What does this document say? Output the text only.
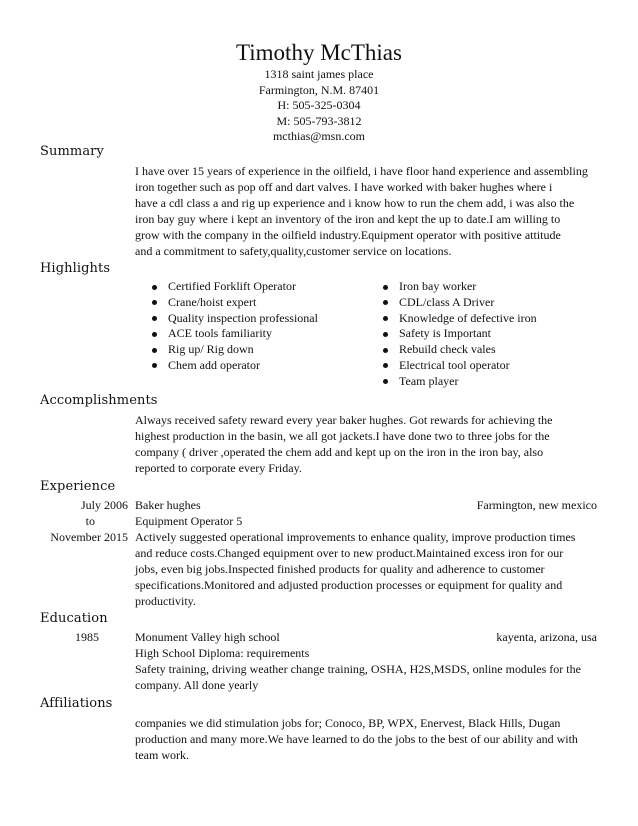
Timothy McThias
1318 saint james place
Farmington, N.M. 87401
H: 505-325-0304
M: 505-793-3812
mcthias@msn.com
Summary
I have over 15 years of experience in the oilfield, i have floor hand experience and assembling
iron together such as pop off and dart valves. I have worked with baker hughes where i
have a cdl class a and rig up experience and i know how to run the chem add, i was also the
iron bay guy where i kept an inventory of the iron and kept the up to date.I am willing to
grow with the company in the oilfield industry.Equipment operator with positive attitude
and a commitment to safety,quality,customer service on locations.
Highlights
Certified Forklift Operator
Crane/hoist expert
Quality inspection professional
ACE tools familiarity
Rig up/ Rig down
Chem add operator
Iron bay worker
CDL/class A Driver
Knowledge of defective iron
Safety is Important
Rebuild check vales
Electrical tool operator
Team player
Accomplishments
Always received safety reward every year baker hughes. Got rewards for achieving the
highest production in the basin, we all got jackets.I have done two to three jobs for the
company ( driver ,operated the chem add and kept up on the iron in the iron bay, also
reported to corporate every Friday.
Experience
July 2006
to
November 2015
Baker hughes	Farmington, new mexico
Equipment Operator 5
Actively suggested operational improvements to enhance quality, improve production times
and reduce costs.Changed equipment over to new product.Maintained excess iron for our
jobs, even big jobs.Inspected finished products for quality and adherence to customer
specifications.Monitored and adjusted production processes or equipment for quality and
productivity.
Education
1985	Monument Valley high school	kayenta, arizona, usa
High School Diploma: requirements
Safety training, driving weather change training, OSHA, H2S,MSDS, online modules for the
company. All done yearly
Affiliations
companies we did stimulation jobs for; Conoco, BP, WPX, Enervest, Black Hills, Dugan
production and many more.We have learned to do the jobs to the best of our ability and with
team work.
